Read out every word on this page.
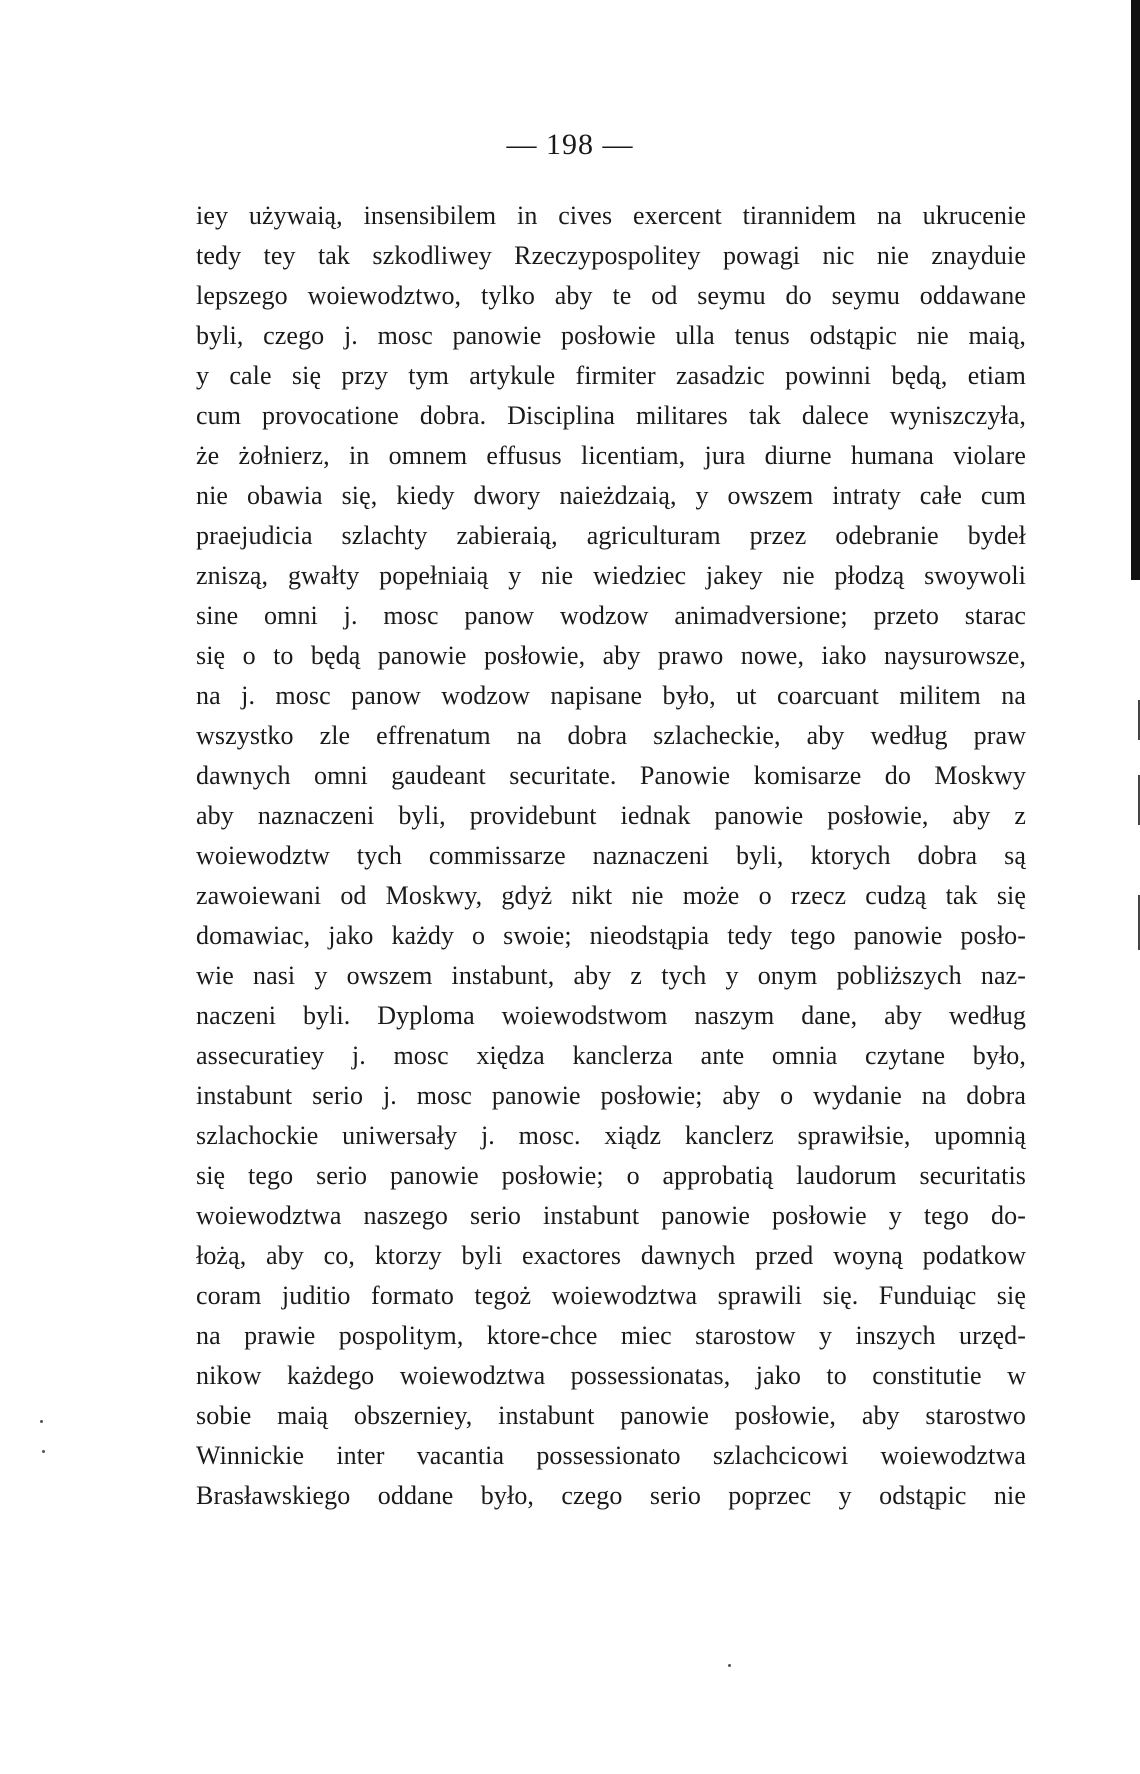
— 198 —
iey używaią, insensibilem in cives exercent tirannidem na ukrucenie
tedy tey tak szkodliwey Rzeczypospolitey powagi nic nie znayduie
lepszego woiewodztwo, tylko aby te od seymu do seymu oddawane
byli, czego j. mosc panowie posłowie ulla tenus odstąpic nie maią,
y cale się przy tym artykule firmiter zasadzic powinni będą, etiam
cum provocatione dobra. Disciplina militares tak dalece wyniszczyła,
że żołnierz, in omnem effusus licentiam, jura diurne humana violare
nie obawia się, kiedy dwory naieżdzaią, y owszem intraty całe cum
praejudicia szlachty zabieraią, agriculturam przez odebranie bydeł
zniszą, gwałty popełniaią y nie wiedziec jakey nie płodzą swoywoli
sine omni j. mosc panow wodzow animadversione; przeto starac
się o to będą panowie posłowie, aby prawo nowe, iako naysurowsze,
na j. mosc panow wodzow napisane było, ut coarcuant militem na
wszystko zle effrenatum na dobra szlacheckie, aby według praw
dawnych omni gaudeant securitate. Panowie komisarze do Moskwy
aby naznaczeni byli, providebunt iednak panowie posłowie, aby z
woiewodztw tych commissarze naznaczeni byli, ktorych dobra są
zawoiewani od Moskwy, gdyż nikt nie może o rzecz cudzą tak się
domawiac, jako każdy o swoie; nieodstąpia tedy tego panowie posło-
wie nasi y owszem instabunt, aby z tych y onym pobliższych naz-
naczeni byli. Dyploma woiewodstwom naszym dane, aby według
assecuratiey j. mosc xiędza kanclerza ante omnia czytane było,
instabunt serio j. mosc panowie posłowie; aby o wydanie na dobra
szlachockie uniwersały j. mosc. xiądz kanclerz sprawiłsie, upomnią
się tego serio panowie posłowie; o approbatią laudorum securitatis
woiewodztwa naszego serio instabunt panowie posłowie y tego do-
łożą, aby co, ktorzy byli exactores dawnych przed woyną podatkow
coram juditio formato tegoż woiewodztwa sprawili się. Funduiąc się
na prawie pospolitym, ktore-chce miec starostow y inszych urzęd-
nikow każdego woiewodztwa possessionatas, jako to constitutie w
sobie maią obszerniey, instabunt panowie posłowie, aby starostwo
Winnickie inter vacantia possessionato szlachcicowi woiewodztwa
Brasławskiego oddane było, czego serio poprzec y odstąpic nie
